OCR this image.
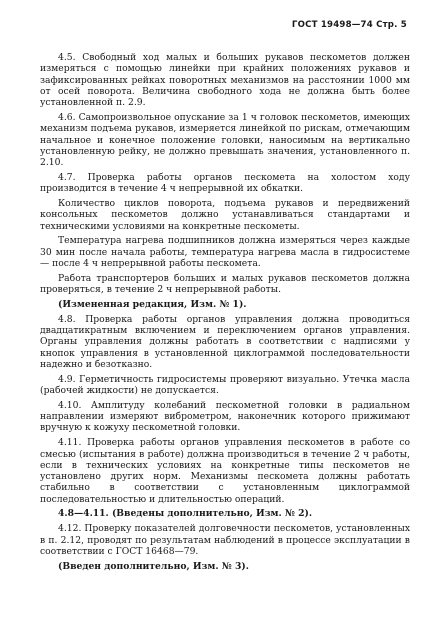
ГОСТ 19498—74 Стр. 5

4.5. Свободный ход малых и больших рукавов пескометов должен измеряться с помощью линейки при крайних положениях рукавов и зафиксированных рейках поворотных механизмов на расстоянии 1000 мм от осей поворота. Величина свободного хода не должна быть более установленной п. 2.9.

4.6. Самопроизвольное опускание за 1 ч головок пескометов, имеющих механизм подъема рукавов, измеряется линейкой по рискам, отмечающим начальное и конечное положение головки, наносимым на вертикально установленную рейку, не должно превышать значения, установленного п. 2.10.

4.7. Проверка работы органов пескомета на холостом ходу производится в течение 4 ч непрерывной их обкатки.

Количество циклов поворота, подъема рукавов и передвижений консольных пескометов должно устанавливаться стандартами и техническими условиями на конкретные пескометы.

Температура нагрева подшипников должна измеряться через каждые 30 мин после начала работы, температура нагрева масла в гидросистеме — после 4 ч непрерывной работы пескомета.

Работа транспортеров больших и малых рукавов пескометов должна проверяться, в течение 2 ч непрерывной работы.

(Измененная редакция, Изм. № 1).

4.8. Проверка работы органов управления должна проводиться двадцатикратным включением и переключением органов управления. Органы управления должны работать в соответствии с надписями у кнопок управления в установленной циклограммой последовательности надежно и безотказно.

4.9. Герметичность гидросистемы проверяют визуально. Утечка масла (рабочей жидкости) не допускается.

4.10. Амплитуду колебаний пескометной головки в радиальном направлении измеряют виброметром, наконечник которого прижимают вручную к кожуху пескометной головки.

4.11. Проверка работы органов управления пескометов в работе со смесью (испытания в работе) должна производиться в течение 2 ч работы, если в технических условиях на конкретные типы пескометов не установлено других норм. Механизмы пескомета должны работать стабильно в соответствии с установленным циклограммой последовательностью и длительностью операций.

4.8—4.11. (Введены дополнительно, Изм. № 2).

4.12. Проверку показателей долговечности пескометов, установленных в п. 2.12, проводят по результатам наблюдений в процессе эксплуатации в соответствии с ГОСТ 16468—79.

(Введен дополнительно, Изм. № 3).
